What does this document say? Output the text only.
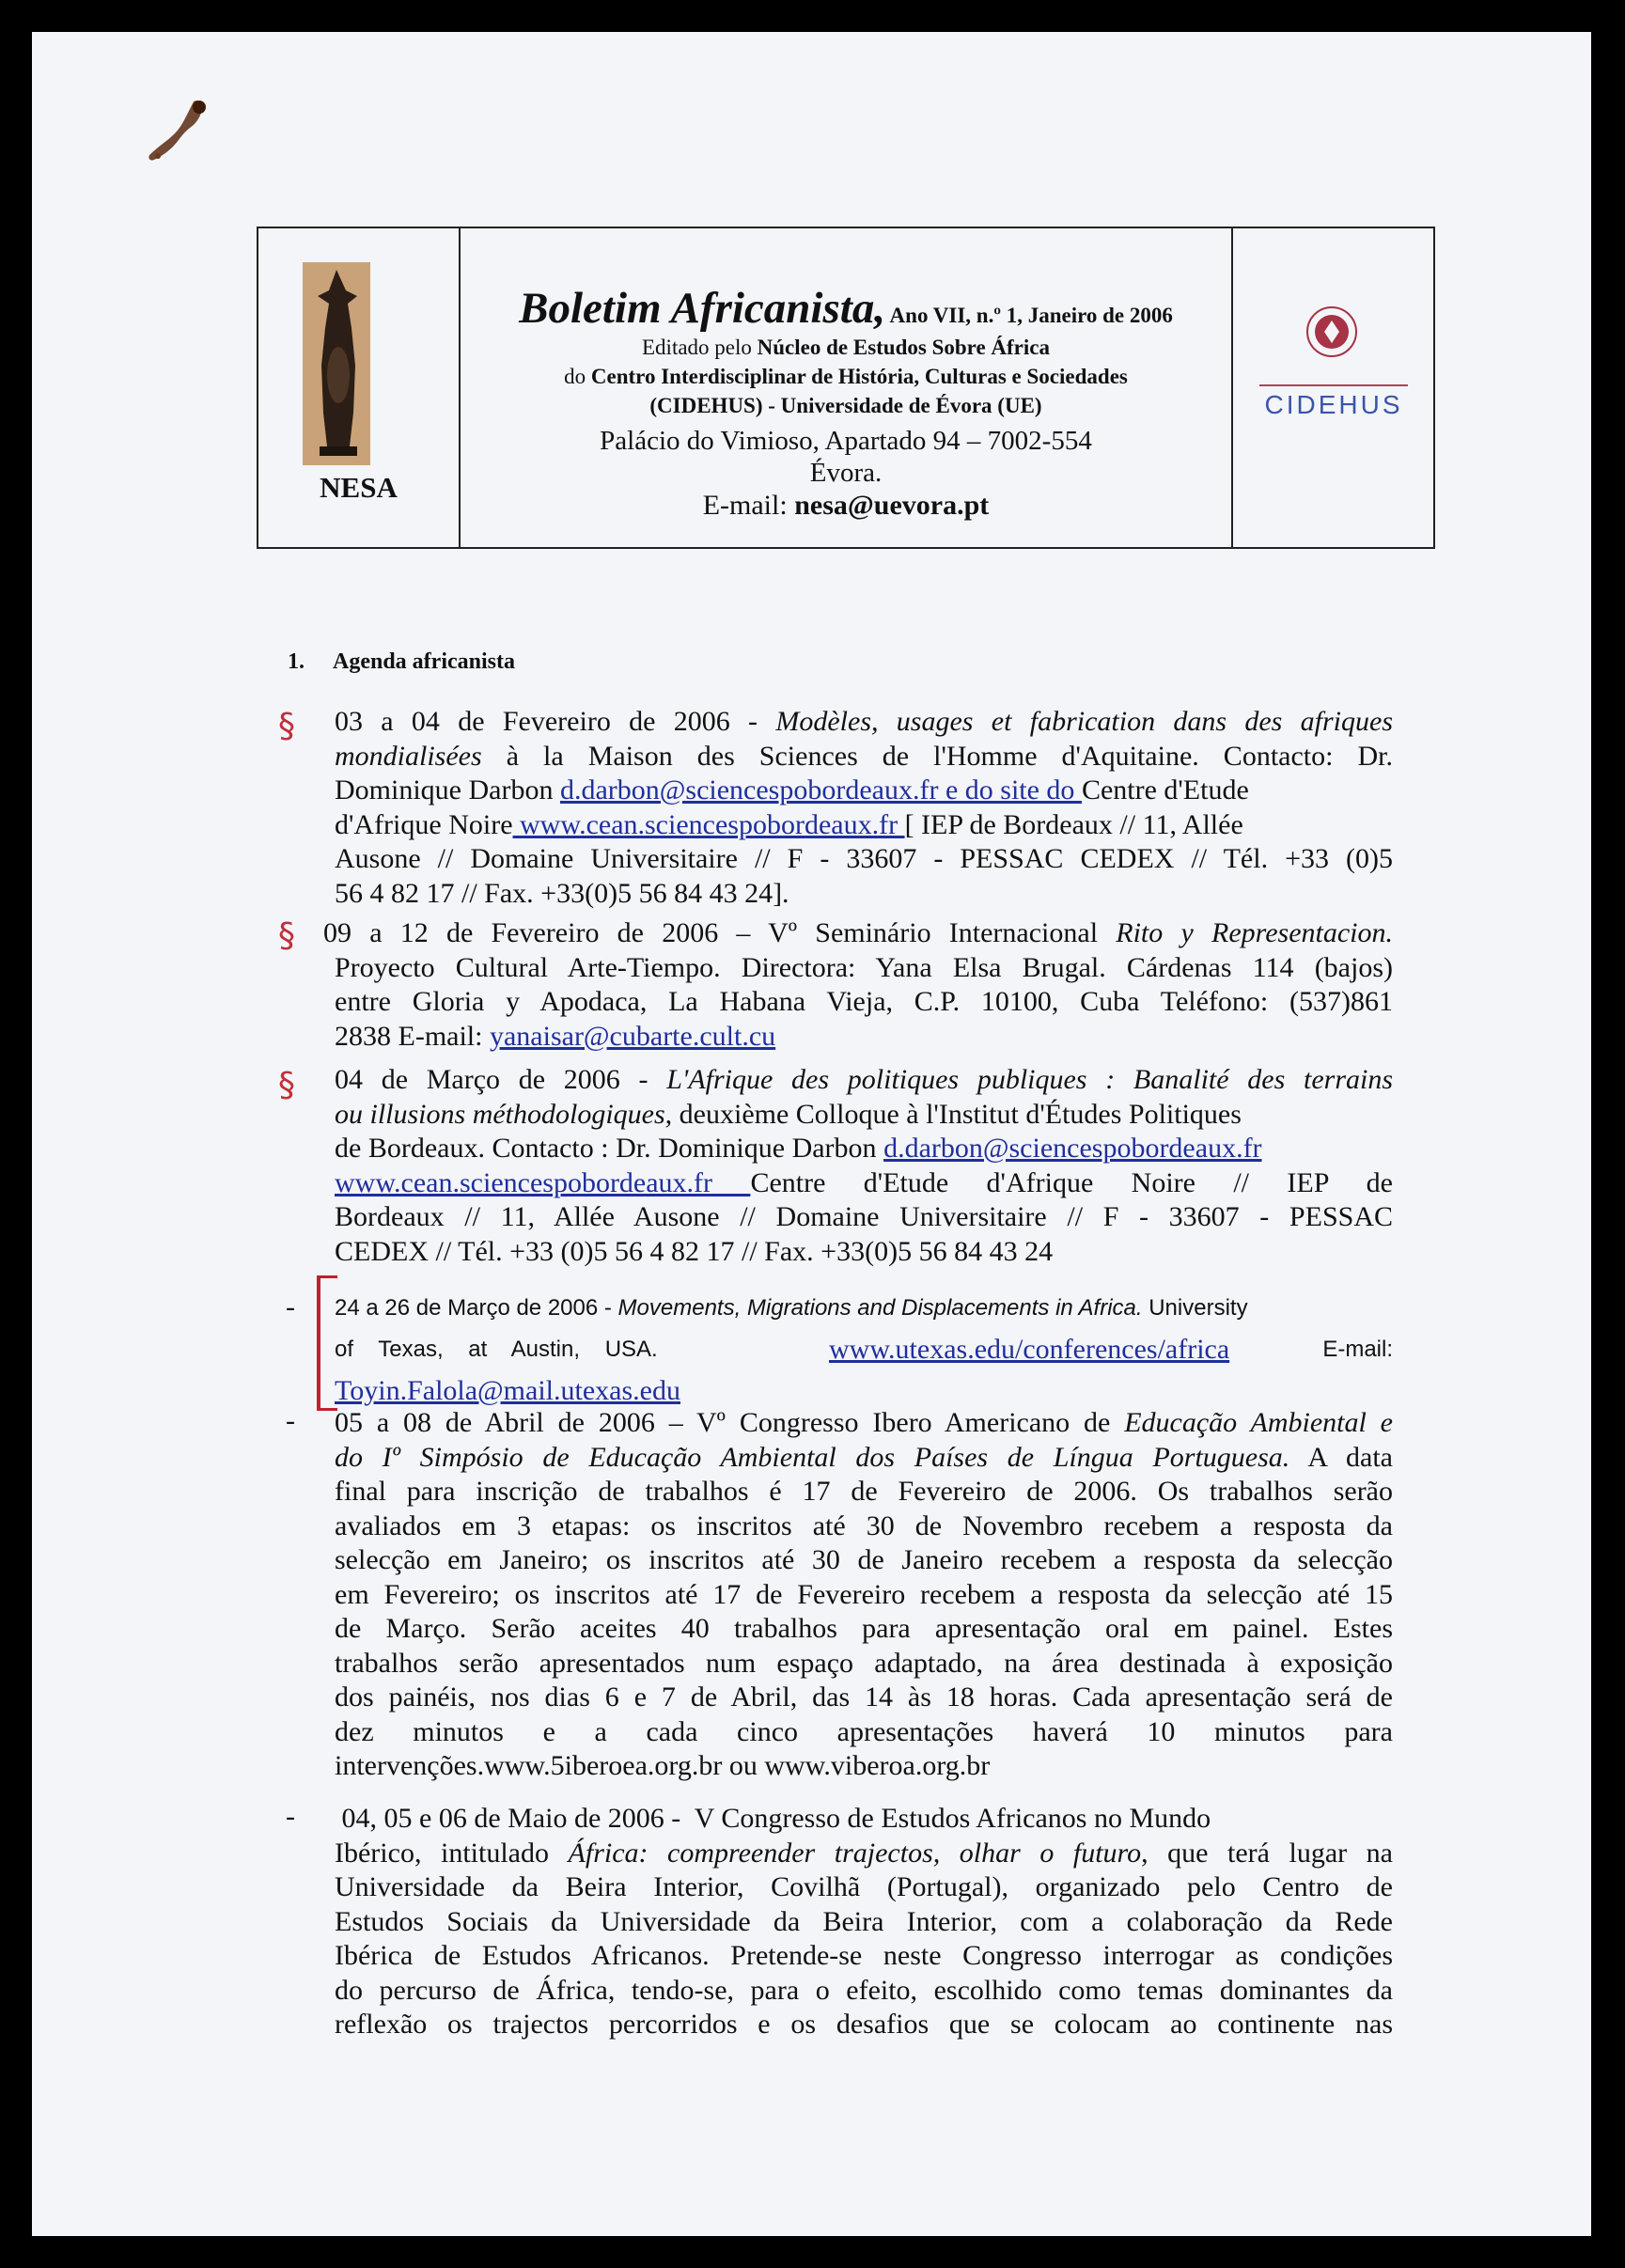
NESA
Boletim Africanista, Ano VII, n.º 1, Janeiro de 2006
Editado pelo Núcleo de Estudos Sobre África
do Centro Interdisciplinar de História, Culturas e Sociedades
(CIDEHUS) - Universidade de Évora (UE)
Palácio do Vimioso, Apartado 94 – 7002-554
Évora.
E-mail: nesa@uevora.pt
CIDEHUS
1. Agenda africanista
§
§
§
-
-
-
03 a 04 de Fevereiro de 2006 - Modèles, usages et fabrication dans des afriques
mondialisées à la Maison des Sciences de l'Homme d'Aquitaine. Contacto: Dr.
Dominique Darbon d.darbon@sciencespobordeaux.fr e do site do Centre d'Etude
d'Afrique Noire www.cean.sciencespobordeaux.fr [ IEP de Bordeaux // 11, Allée
Ausone // Domaine Universitaire // F - 33607 - PESSAC CEDEX // Tél. +33 (0)5
56 4 82 17 // Fax. +33(0)5 56 84 43 24].
09 a 12 de Fevereiro de 2006 – Vº Seminário Internacional Rito y Representacion.
Proyecto Cultural Arte-Tiempo. Directora: Yana Elsa Brugal. Cárdenas 114 (bajos)
entre Gloria y Apodaca, La Habana Vieja, C.P. 10100, Cuba Teléfono: (537)861
2838 E-mail: yanaisar@cubarte.cult.cu
04 de Março de 2006 - L'Afrique des politiques publiques : Banalité des terrains
ou illusions méthodologiques, deuxième Colloque à l'Institut d'Études Politiques
de Bordeaux. Contacto : Dr. Dominique Darbon d.darbon@sciencespobordeaux.fr
www.cean.sciencespobordeaux.fr Centre d'Etude d'Afrique Noire // IEP de
Bordeaux // 11, Allée Ausone // Domaine Universitaire // F - 33607 - PESSAC
CEDEX // Tél. +33 (0)5 56 4 82 17 // Fax. +33(0)5 56 84 43 24
24 a 26 de Março de 2006 - Movements, Migrations and Displacements in Africa. University
of    Texas,    at    Austin,    USA.	www.utexas.edu/conferences/africa	E-mail:
Toyin.Falola@mail.utexas.edu
05 a 08 de Abril de 2006 – Vº Congresso Ibero Americano de Educação Ambiental e
do Iº Simpósio de Educação Ambiental dos Países de Língua Portuguesa. A data
final para inscrição de trabalhos é 17 de Fevereiro de 2006. Os trabalhos serão
avaliados em 3 etapas: os inscritos até 30 de Novembro recebem a resposta da
selecção em Janeiro; os inscritos até 30 de Janeiro recebem a resposta da selecção
em Fevereiro; os inscritos até 17 de Fevereiro recebem a resposta da selecção até 15
de Março. Serão aceites 40 trabalhos para apresentação oral em painel. Estes
trabalhos serão apresentados num espaço adaptado, na área destinada à exposição
dos painéis, nos dias 6 e 7 de Abril, das 14 às 18 horas. Cada apresentação será de
dez minutos e a cada cinco apresentações haverá 10 minutos para
intervenções.www.5iberoea.org.br ou www.viberoa.org.br
04, 05 e 06 de Maio de 2006 -  V Congresso de Estudos Africanos no Mundo
Ibérico, intitulado África: compreender trajectos, olhar o futuro, que terá lugar na
Universidade da Beira Interior, Covilhã (Portugal), organizado pelo Centro de
Estudos Sociais da Universidade da Beira Interior, com a colaboração da Rede
Ibérica de Estudos Africanos. Pretende-se neste Congresso interrogar as condições
do percurso de África, tendo-se, para o efeito, escolhido como temas dominantes da
reflexão os trajectos percorridos e os desafios que se colocam ao continente nas
